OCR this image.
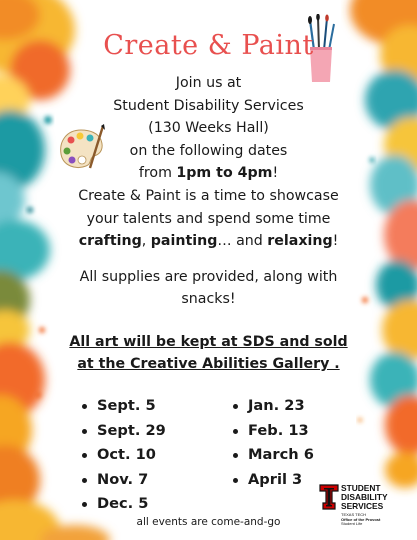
Create & Paint
Join us at
Student Disability Services
(130 Weeks Hall)
on the following dates
from 1pm to 4pm!
Create & Paint is a time to showcase
your talents and spend some time
crafting, painting… and relaxing!
All supplies are provided, along with
snacks!
All art will be kept at SDS and sold
at the Creative Abilities Gallery .
Sept. 5
Sept. 29
Oct. 10
Nov. 7
Dec. 5
Jan. 23
Feb. 13
March 6
April 3
all events are come-and-go
STUDENT
DISABILITY
SERVICES
TEXAS TECH
Office of the Provost
Student Life
